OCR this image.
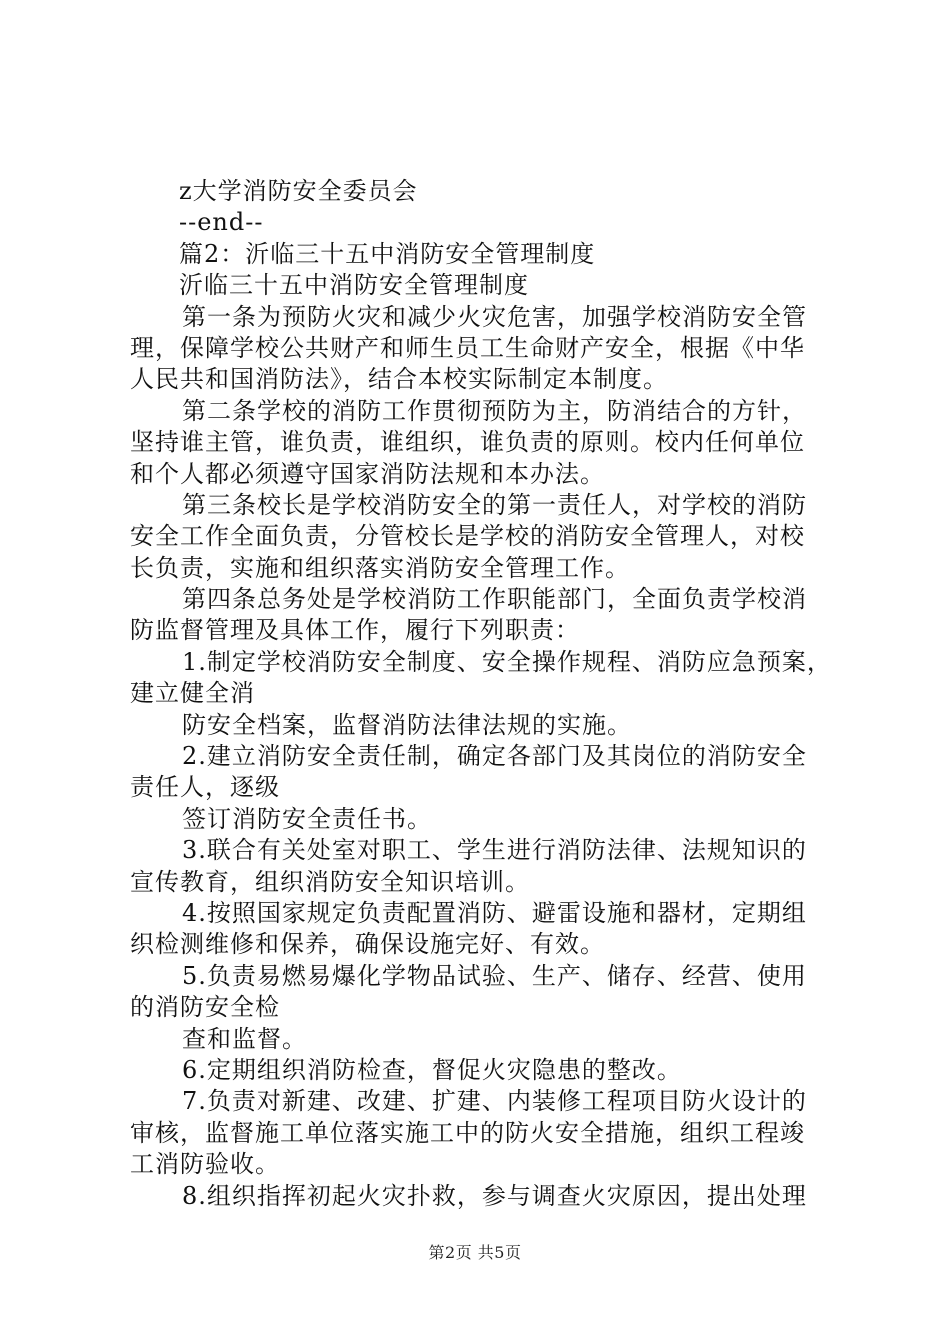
z大学消防安全委员会
--end--
篇2：沂临三十五中消防安全管理制度
沂临三十五中消防安全管理制度
第一条为预防火灾和减少火灾危害，加强学校消防安全管
理，保障学校公共财产和师生员工生命财产安全，根据《中华
人民共和国消防法》，结合本校实际制定本制度。
第二条学校的消防工作贯彻预防为主，防消结合的方针，
坚持谁主管，谁负责，谁组织，谁负责的原则。校内任何单位
和个人都必须遵守国家消防法规和本办法。
第三条校长是学校消防安全的第一责任人，对学校的消防
安全工作全面负责，分管校长是学校的消防安全管理人，对校
长负责，实施和组织落实消防安全管理工作。
第四条总务处是学校消防工作职能部门，全面负责学校消
防监督管理及具体工作，履行下列职责：
1.制定学校消防安全制度、安全操作规程、消防应急预案，
建立健全消
防安全档案，监督消防法律法规的实施。
2.建立消防安全责任制，确定各部门及其岗位的消防安全
责任人，逐级
签订消防安全责任书。
3.联合有关处室对职工、学生进行消防法律、法规知识的
宣传教育，组织消防安全知识培训。
4.按照国家规定负责配置消防、避雷设施和器材，定期组
织检测维修和保养，确保设施完好、有效。
5.负责易燃易爆化学物品试验、生产、储存、经营、使用
的消防安全检
查和监督。
6.定期组织消防检查，督促火灾隐患的整改。
7.负责对新建、改建、扩建、内装修工程项目防火设计的
审核，监督施工单位落实施工中的防火安全措施，组织工程竣
工消防验收。
8.组织指挥初起火灾扑救，参与调查火灾原因，提出处理
第2页 共5页
